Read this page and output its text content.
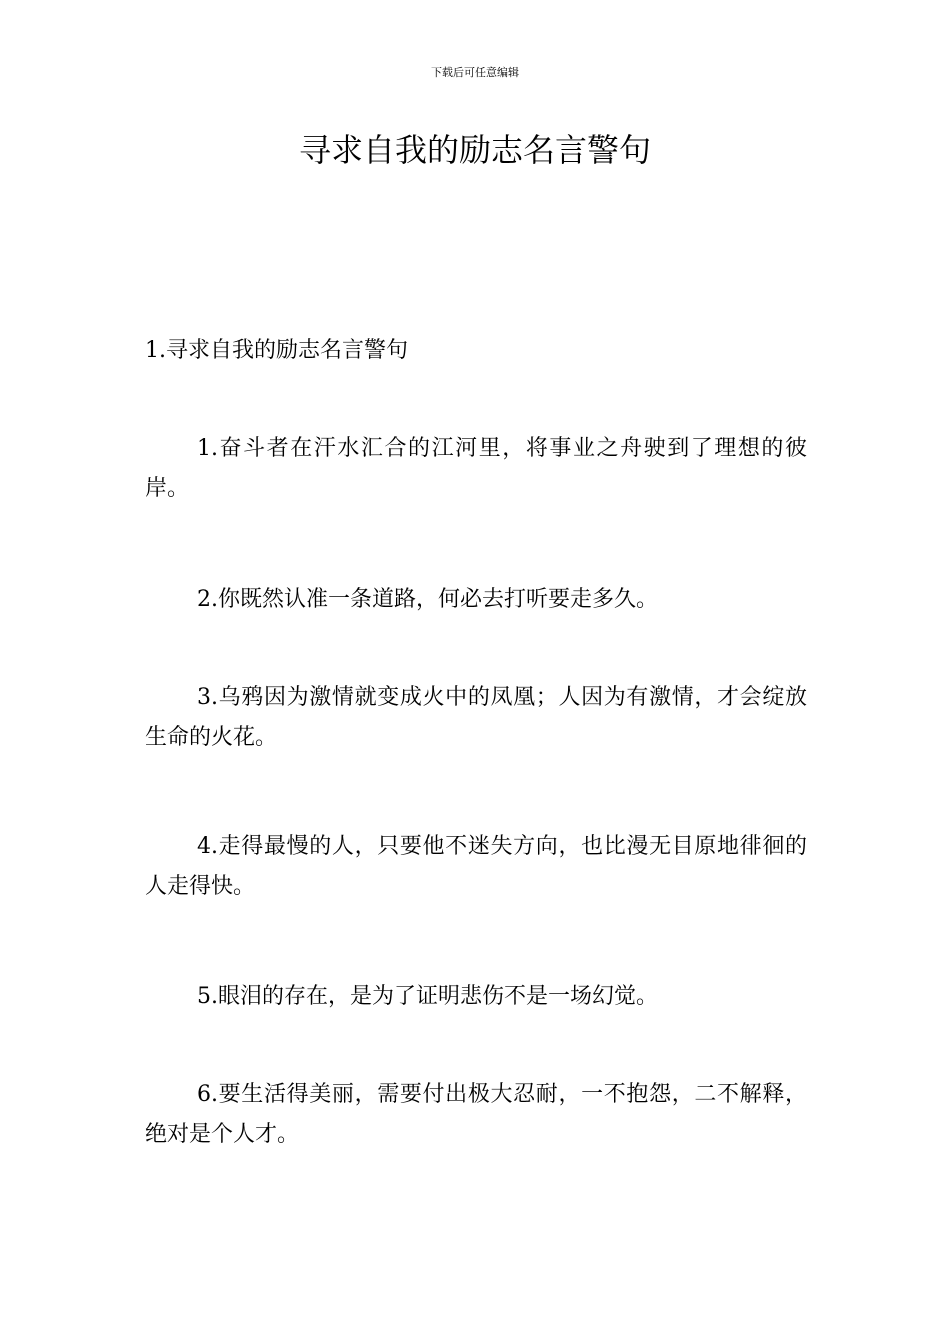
下载后可任意编辑
寻求自我的励志名言警句
1.寻求自我的励志名言警句

1.奋斗者在汗水汇合的江河里，将事业之舟驶到了理想的彼岸。

2.你既然认准一条道路，何必去打听要走多久。

3.乌鸦因为激情就变成火中的凤凰；人因为有激情，才会绽放生命的火花。

4.走得最慢的人，只要他不迷失方向，也比漫无目原地徘徊的人走得快。

5.眼泪的存在，是为了证明悲伤不是一场幻觉。

6.要生活得美丽，需要付出极大忍耐，一不抱怨，二不解释，绝对是个人才。
